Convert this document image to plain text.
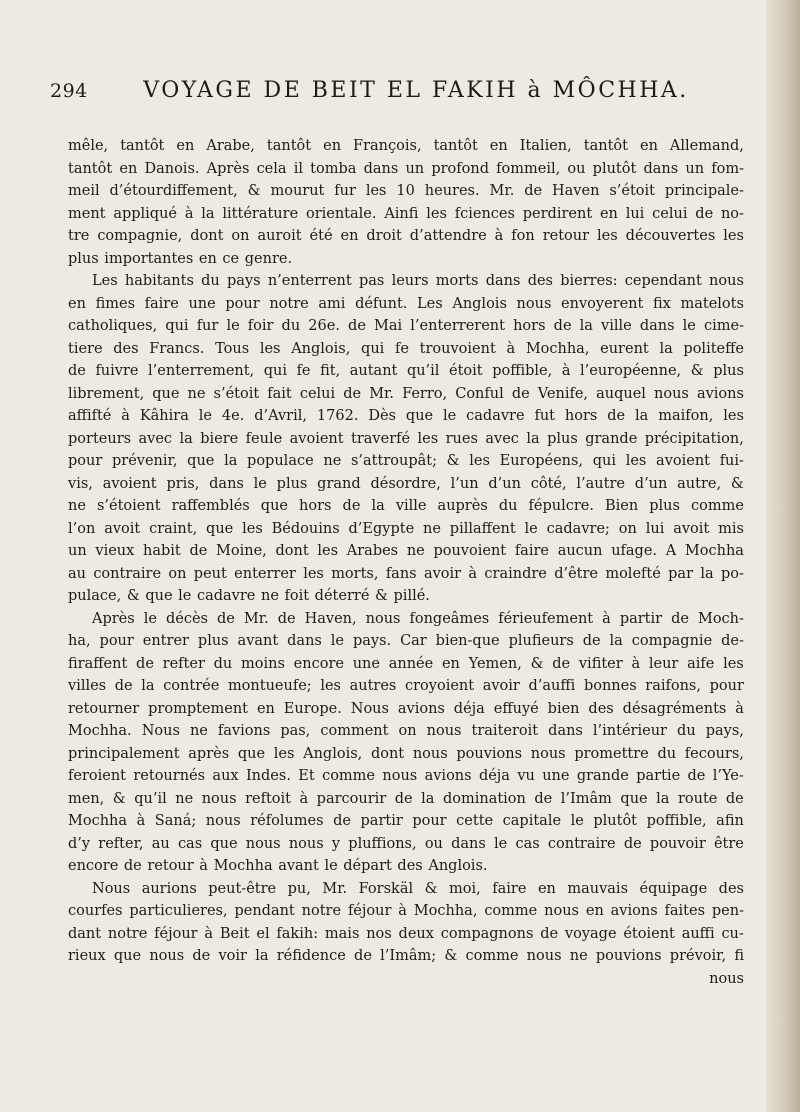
294	VOYAGE DE BEIT EL FAKIH à MÔCHHA.
mêle, tantôt en Arabe, tantôt en François, tantôt en Italien, tantôt en Allemand,
tantôt en Danois. Après cela il tomba dans un profond fommeil, ou plutôt dans un fom-
meil d’étourdiffement, & mourut fur les 10 heures. Mr. de Haven s’étoit principale-
ment appliqué à la littérature orientale. Ainfi les fciences perdirent en lui celui de no-
tre compagnie, dont on auroit été en droit d’attendre à fon retour les découvertes les
plus importantes en ce genre.
Les habitants du pays n’enterrent pas leurs morts dans des bierres: cependant nous
en fimes faire une pour notre ami défunt. Les Anglois nous envoyerent fix matelots
catholiques, qui fur le foir du 26e. de Mai l’enterrerent hors de la ville dans le cime-
tiere des Francs. Tous les Anglois, qui fe trouvoient à Mochha, eurent la politeffe
de fuivre l’enterrement, qui fe fit, autant qu’il étoit poffible, à l’européenne, & plus
librement, que ne s’étoit fait celui de Mr. Ferro, Conful de Venife, auquel nous avions
affifté à Kâhira le 4e. d’Avril, 1762. Dès que le cadavre fut hors de la maifon, les
porteurs avec la biere feule avoient traverfé les rues avec la plus grande précipitation,
pour prévenir, que la populace ne s’attroupât; & les Européens, qui les avoient fui-
vis, avoient pris, dans le plus grand désordre, l’un d’un côté, l’autre d’un autre, &
ne s’étoient raffemblés que hors de la ville auprès du fépulcre. Bien plus comme
l’on avoit craint, que les Bédouins d’Egypte ne pillaffent le cadavre; on lui avoit mis
un vieux habit de Moine, dont les Arabes ne pouvoient faire aucun ufage. A Mochha
au contraire on peut enterrer les morts, fans avoir à craindre d’être molefté par la po-
pulace, & que le cadavre ne foit déterré & pillé.
Après le décès de Mr. de Haven, nous fongeâmes férieufement à partir de Moch-
ha, pour entrer plus avant dans le pays. Car bien-que plufieurs de la compagnie de-
firaffent de refter du moins encore une année en Yemen, & de vifiter à leur aife les
villes de la contrée montueufe; les autres croyoient avoir d’auffi bonnes raifons, pour
retourner promptement en Europe. Nous avions déja effuyé bien des désagréments à
Mochha. Nous ne favions pas, comment on nous traiteroit dans l’intérieur du pays,
principalement après que les Anglois, dont nous pouvions nous promettre du fecours,
feroient retournés aux Indes. Et comme nous avions déja vu une grande partie de l’Ye-
men, & qu’il ne nous reftoit à parcourir de la domination de l’Imâm que la route de
Mochha à Saná; nous réfolumes de partir pour cette capitale le plutôt poffible, afin
d’y refter, au cas que nous nous y pluffions, ou dans le cas contraire de pouvoir être
encore de retour à Mochha avant le départ des Anglois.
Nous aurions peut-être pu, Mr. Forskäl & moi, faire en mauvais équipage des
courfes particulieres, pendant notre féjour à Mochha, comme nous en avions faites pen-
dant notre féjour à Beit el fakih: mais nos deux compagnons de voyage étoient auffi cu-
rieux que nous de voir la réfidence de l’Imâm; & comme nous ne pouvions prévoir, fi
nous
